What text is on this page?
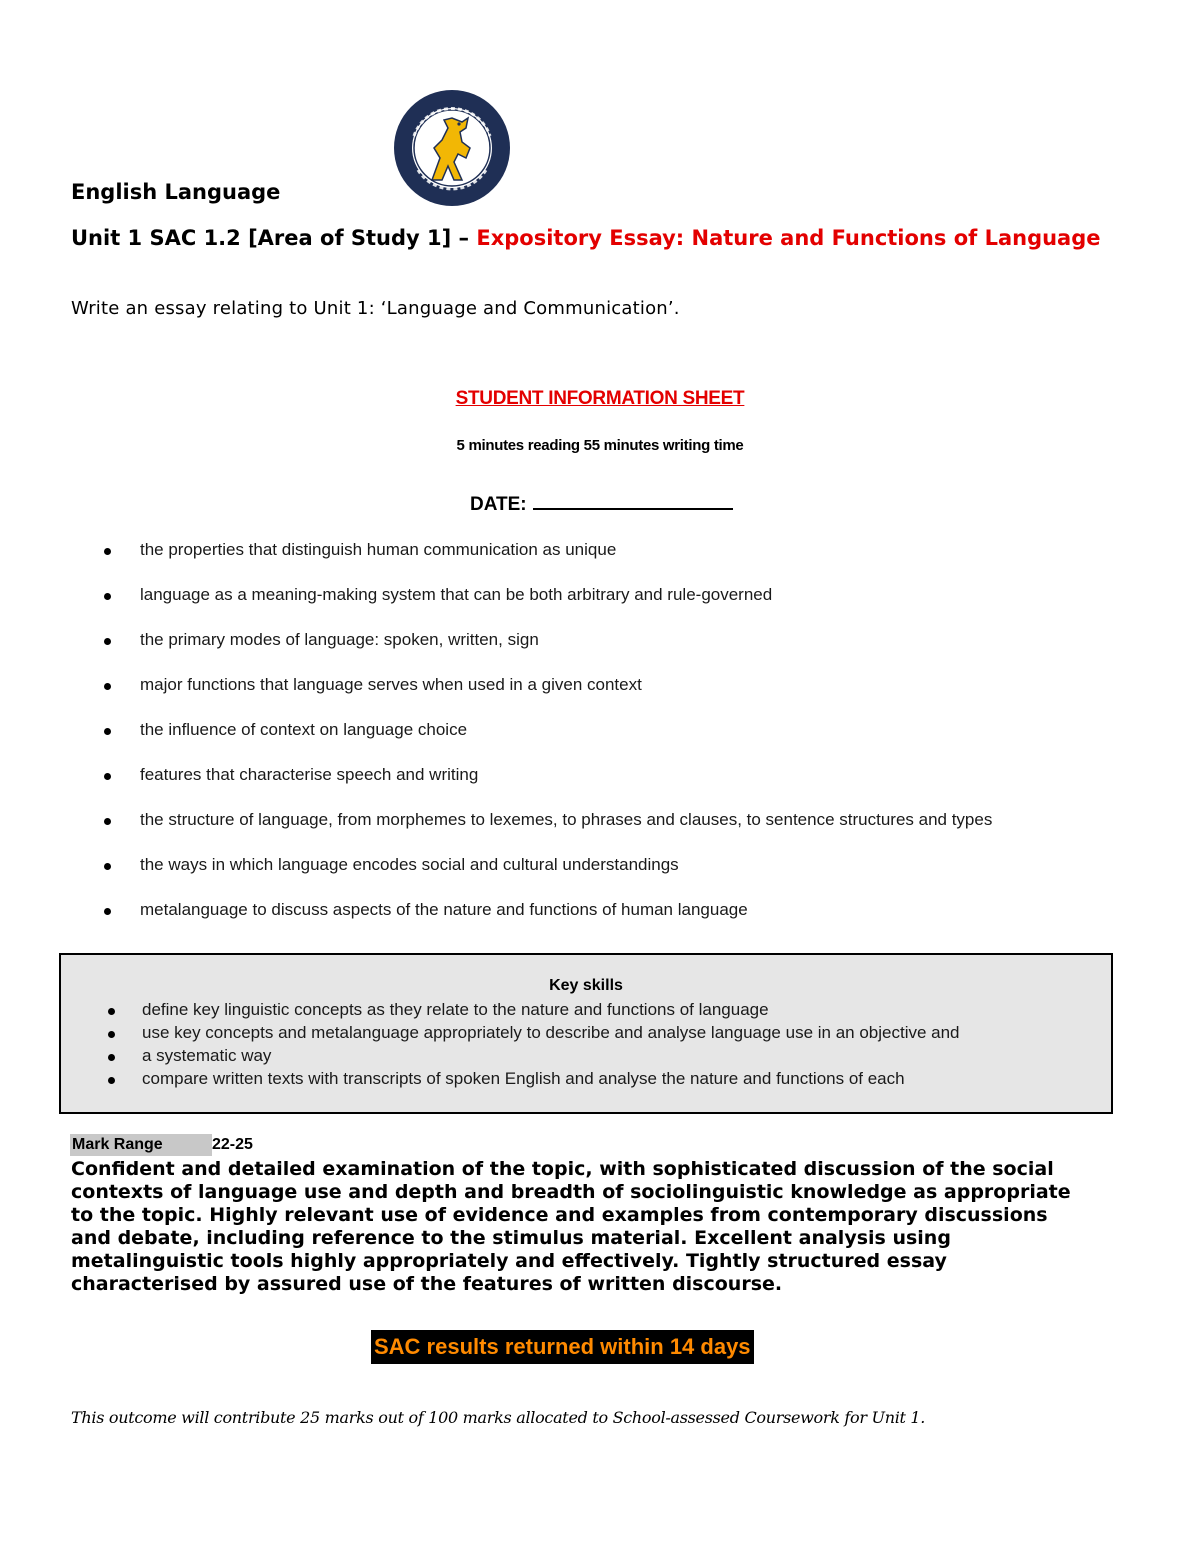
English Language
Unit 1 SAC 1.2 [Area of Study 1] – Expository Essay: Nature and Functions of Language
Write an essay relating to Unit 1: ‘Language and Communication’.
STUDENT INFORMATION SHEET
5 minutes reading 55 minutes writing time
DATE:
the properties that distinguish human communication as unique
language as a meaning-making system that can be both arbitrary and rule-governed
the primary modes of language: spoken, written, sign
major functions that language serves when used in a given context
the influence of context on language choice
features that characterise speech and writing
the structure of language, from morphemes to lexemes, to phrases and clauses, to sentence structures and types
the ways in which language encodes social and cultural understandings
metalanguage to discuss aspects of the nature and functions of human language
Key skills
define key linguistic concepts as they relate to the nature and functions of language
use key concepts and metalanguage appropriately to describe and analyse language use in an objective and
a systematic way
compare written texts with transcripts of spoken English and analyse the nature and functions of each
Mark Range	22-25
Confident and detailed examination of the topic, with sophisticated discussion of the social contexts of language use and depth and breadth of sociolinguistic knowledge as appropriate to the topic. Highly relevant use of evidence and examples from contemporary discussions and debate, including reference to the stimulus material. Excellent analysis using metalinguistic tools highly appropriately and effectively. Tightly structured essay characterised by assured use of the features of written discourse.
SAC results returned within 14 days
This outcome will contribute 25 marks out of 100 marks allocated to School-assessed Coursework for Unit 1.
